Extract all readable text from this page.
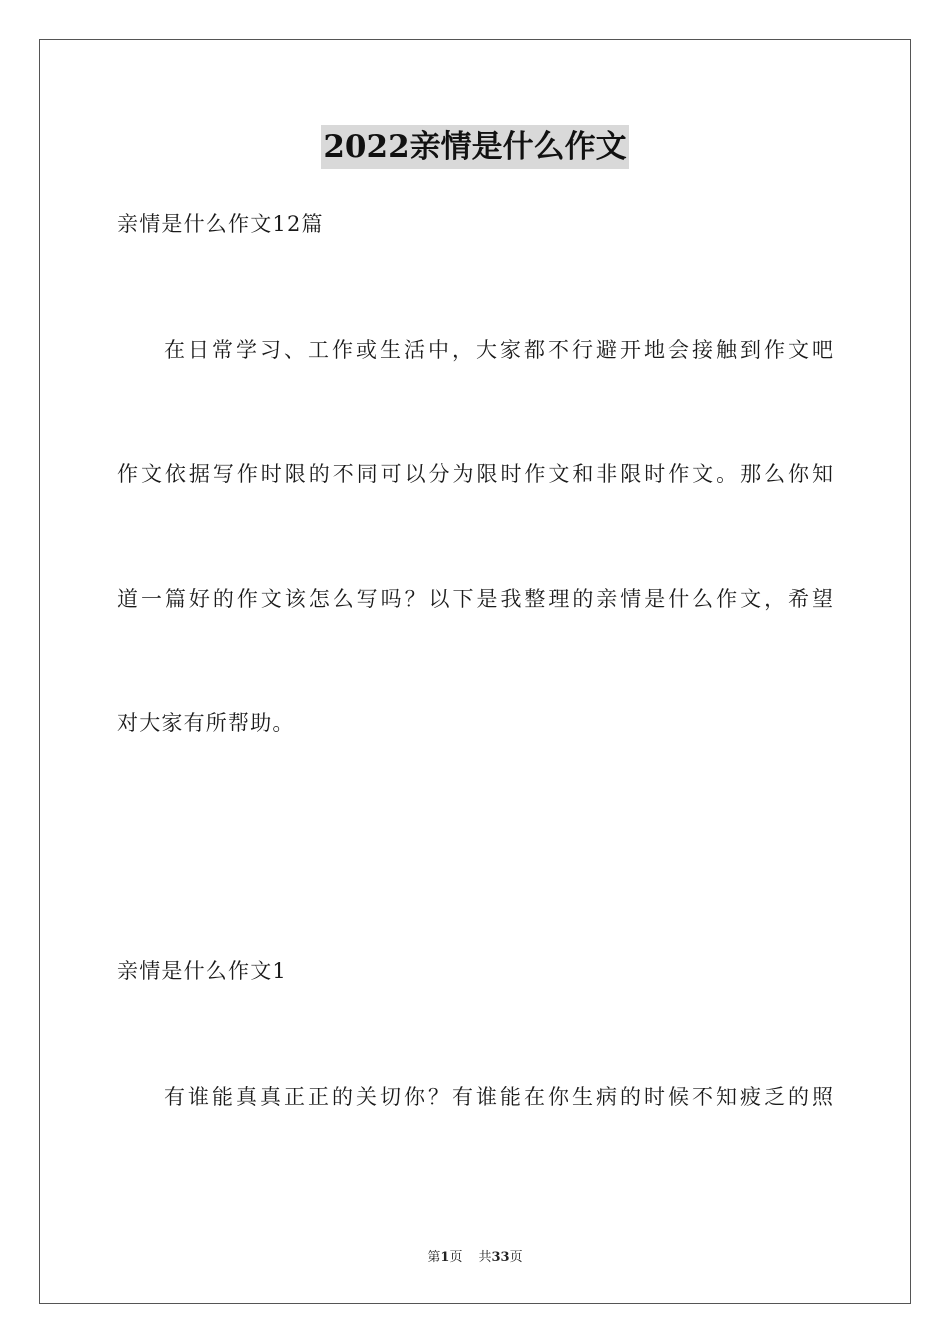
2022亲情是什么作文
亲情是什么作文12篇
在日常学习、工作或生活中，大家都不行避开地会接触到作文吧
作文依据写作时限的不同可以分为限时作文和非限时作文。那么你知
道一篇好的作文该怎么写吗？以下是我整理的亲情是什么作文，希望
对大家有所帮助。
亲情是什么作文1
有谁能真真正正的关切你？有谁能在你生病的时候不知疲乏的照
第1页 共33页
